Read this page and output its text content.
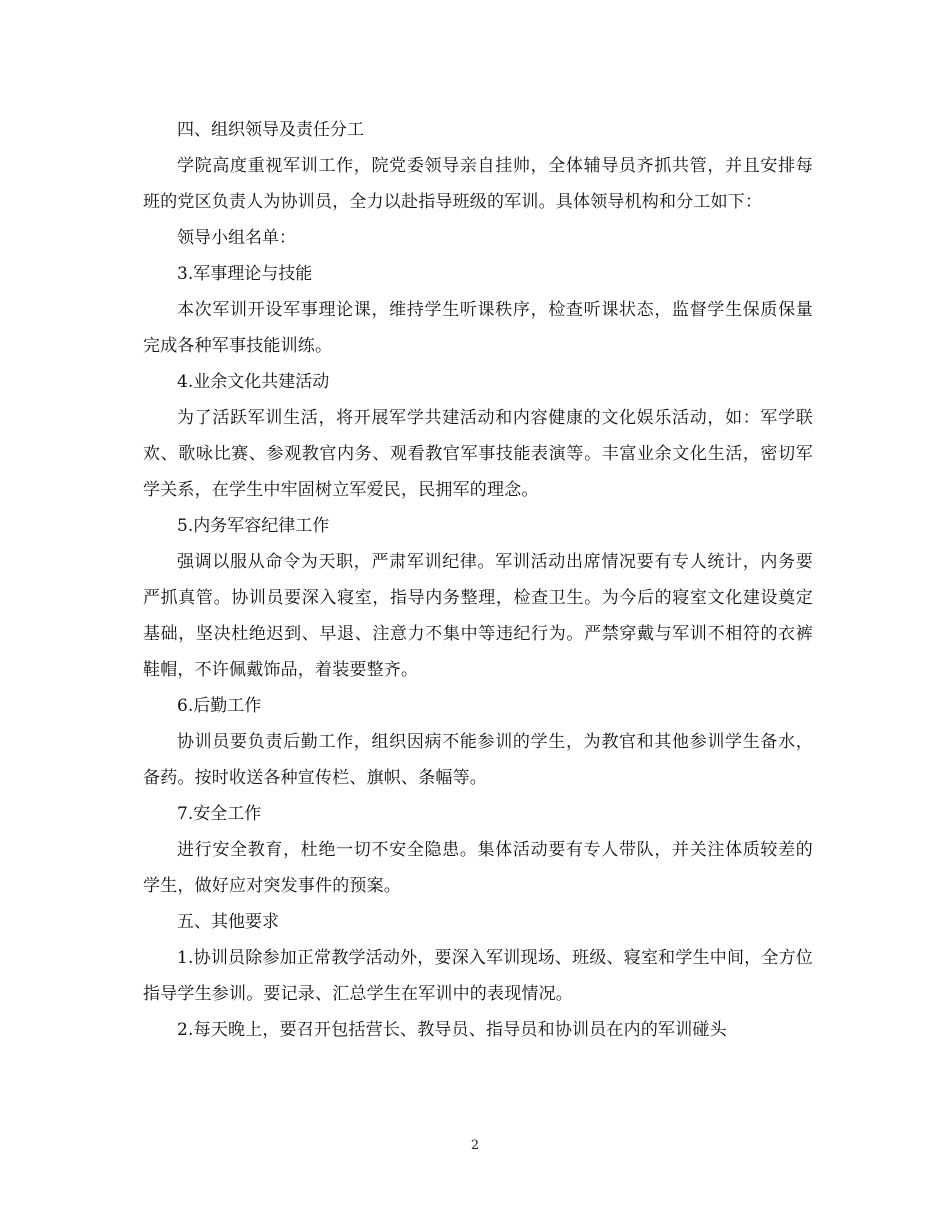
四、组织领导及责任分工

学院高度重视军训工作，院党委领导亲自挂帅，全体辅导员齐抓共管，并且安排每班的党区负责人为协训员，全力以赴指导班级的军训。具体领导机构和分工如下：

领导小组名单：

3.军事理论与技能

本次军训开设军事理论课，维持学生听课秩序，检查听课状态，监督学生保质保量完成各种军事技能训练。

4.业余文化共建活动

为了活跃军训生活，将开展军学共建活动和内容健康的文化娱乐活动，如：军学联欢、歌咏比赛、参观教官内务、观看教官军事技能表演等。丰富业余文化生活，密切军学关系，在学生中牢固树立军爱民，民拥军的理念。

5.内务军容纪律工作

强调以服从命令为天职，严肃军训纪律。军训活动出席情况要有专人统计，内务要严抓真管。协训员要深入寝室，指导内务整理，检查卫生。为今后的寝室文化建设奠定基础，坚决杜绝迟到、早退、注意力不集中等违纪行为。严禁穿戴与军训不相符的衣裤鞋帽，不许佩戴饰品，着装要整齐。

6.后勤工作

协训员要负责后勤工作，组织因病不能参训的学生，为教官和其他参训学生备水，备药。按时收送各种宣传栏、旗帜、条幅等。

7.安全工作

进行安全教育，杜绝一切不安全隐患。集体活动要有专人带队，并关注体质较差的学生，做好应对突发事件的预案。

五、其他要求

1.协训员除参加正常教学活动外，要深入军训现场、班级、寝室和学生中间，全方位指导学生参训。要记录、汇总学生在军训中的表现情况。

2.每天晚上，要召开包括营长、教导员、指导员和协训员在内的军训碰头

2
